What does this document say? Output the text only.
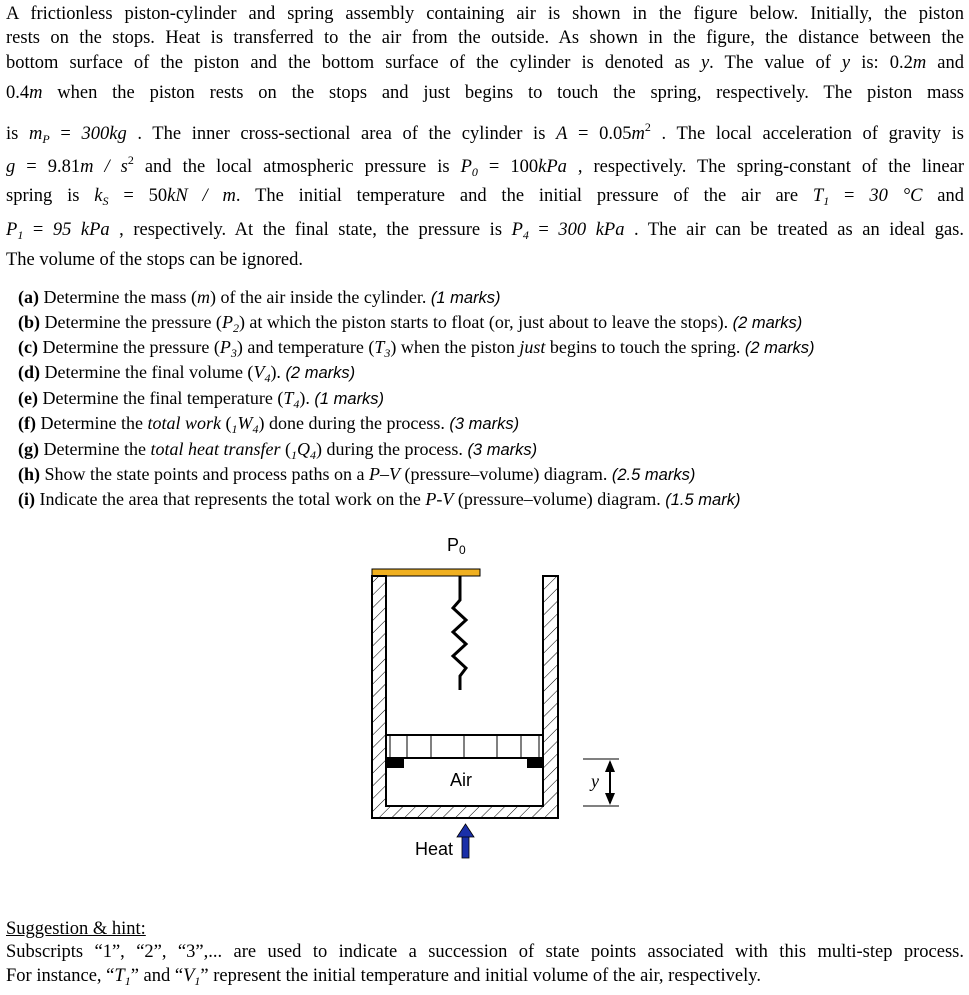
A frictionless piston-cylinder and spring assembly containing air is shown in the figure below. Initially, the piston
rests on the stops. Heat is transferred to the air from the outside. As shown in the figure, the distance between the
bottom surface of the piston and the bottom surface of the cylinder is denoted as y. The value of y is: 0.2m and
0.4m when the piston rests on the stops and just begins to touch the spring, respectively. The piston mass
is $m_P = 300kg$ . The inner cross-sectional area of the cylinder is $A = 0.05m^2$ . The local acceleration of gravity is
$g = 9.81m / s^2$ and the local atmospheric pressure is $P_0 = 100kPa$ , respectively. The spring-constant of the linear
spring is $k_S = 50kN / m$. The initial temperature and the initial pressure of the air are $T_1 = 30$ °C and
$P_1 = 95$ kPa , respectively. At the final state, the pressure is $P_4 = 300$ kPa . The air can be treated as an ideal gas.
The volume of the stops can be ignored.
(a) Determine the mass (m) of the air inside the cylinder. (1 marks)
(b) Determine the pressure $(P_2)$ at which the piston starts to float (or, just about to leave the stops). (2 marks)
(c) Determine the pressure $(P_3)$ and temperature $(T_3)$ when the piston just begins to touch the spring. (2 marks)
(d) Determine the final volume $(V_4)$. (2 marks)
(e) Determine the final temperature $(T_4)$. (1 marks)
(f) Determine the total work $(_1W_4)$ done during the process. (3 marks)
(g) Determine the total heat transfer $(_1Q_4)$ during the process. (3 marks)
(h) Show the state points and process paths on a P–V (pressure–volume) diagram. (2.5 marks)
(i) Indicate the area that represents the total work on the P-V (pressure–volume) diagram. (1.5 mark)
P0
Air
Heat
y
Suggestion & hint:
Subscripts “1”, “2”, “3”,... are used to indicate a succession of state points associated with this multi-step process.
For instance, “$T_1$” and “$V_1$” represent the initial temperature and initial volume of the air, respectively.
